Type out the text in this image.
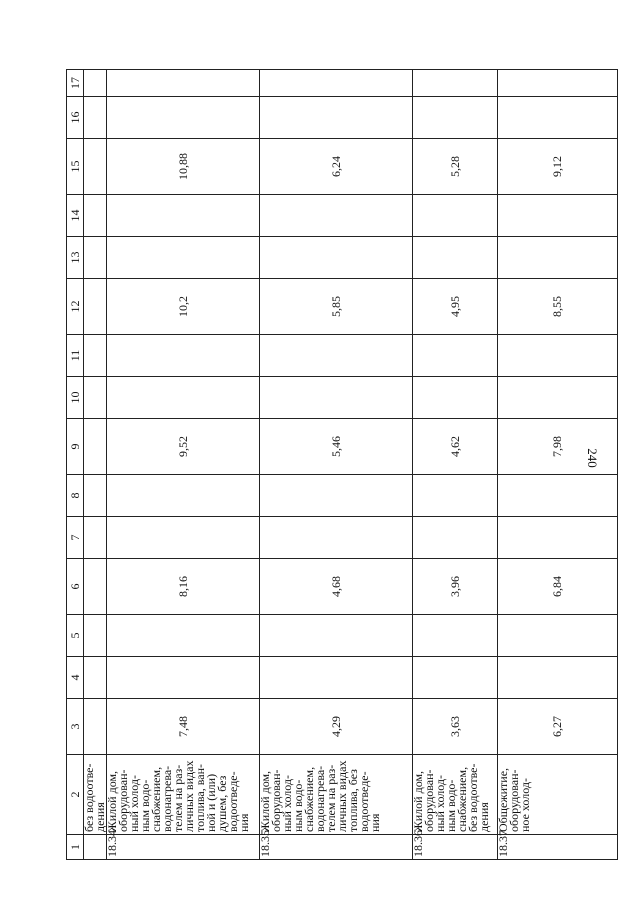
240
1	2	3	4	5	6	7	8	9	10	11	12	13	14	15	16	17
	без водоотве-
дения															
18.34	Жилой дом, оборудован-ный холод-ным водо-снабжением, водонагрева-телем на раз-личных видах топлива, ван-ной и (или) душем, без водоотведе-ния	7,48			8,16			9,52			10,2			10,88		
18.35	Жилой дом, оборудован-ный холод-ным водо-снабжением, водонагрева-телем на раз-личных видах топлива, без водоотведе-ния	4,29			4,68			5,46			5,85			6,24		
18.36	Жилой дом, оборудован-ный холод-ным водо-снабжением, без водоотве-дения	3,63			3,96			4,62			4,95			5,28		
18.37	Общежитие, оборудован-ное холод-	6,27			6,84			7,98			8,55			9,12		
